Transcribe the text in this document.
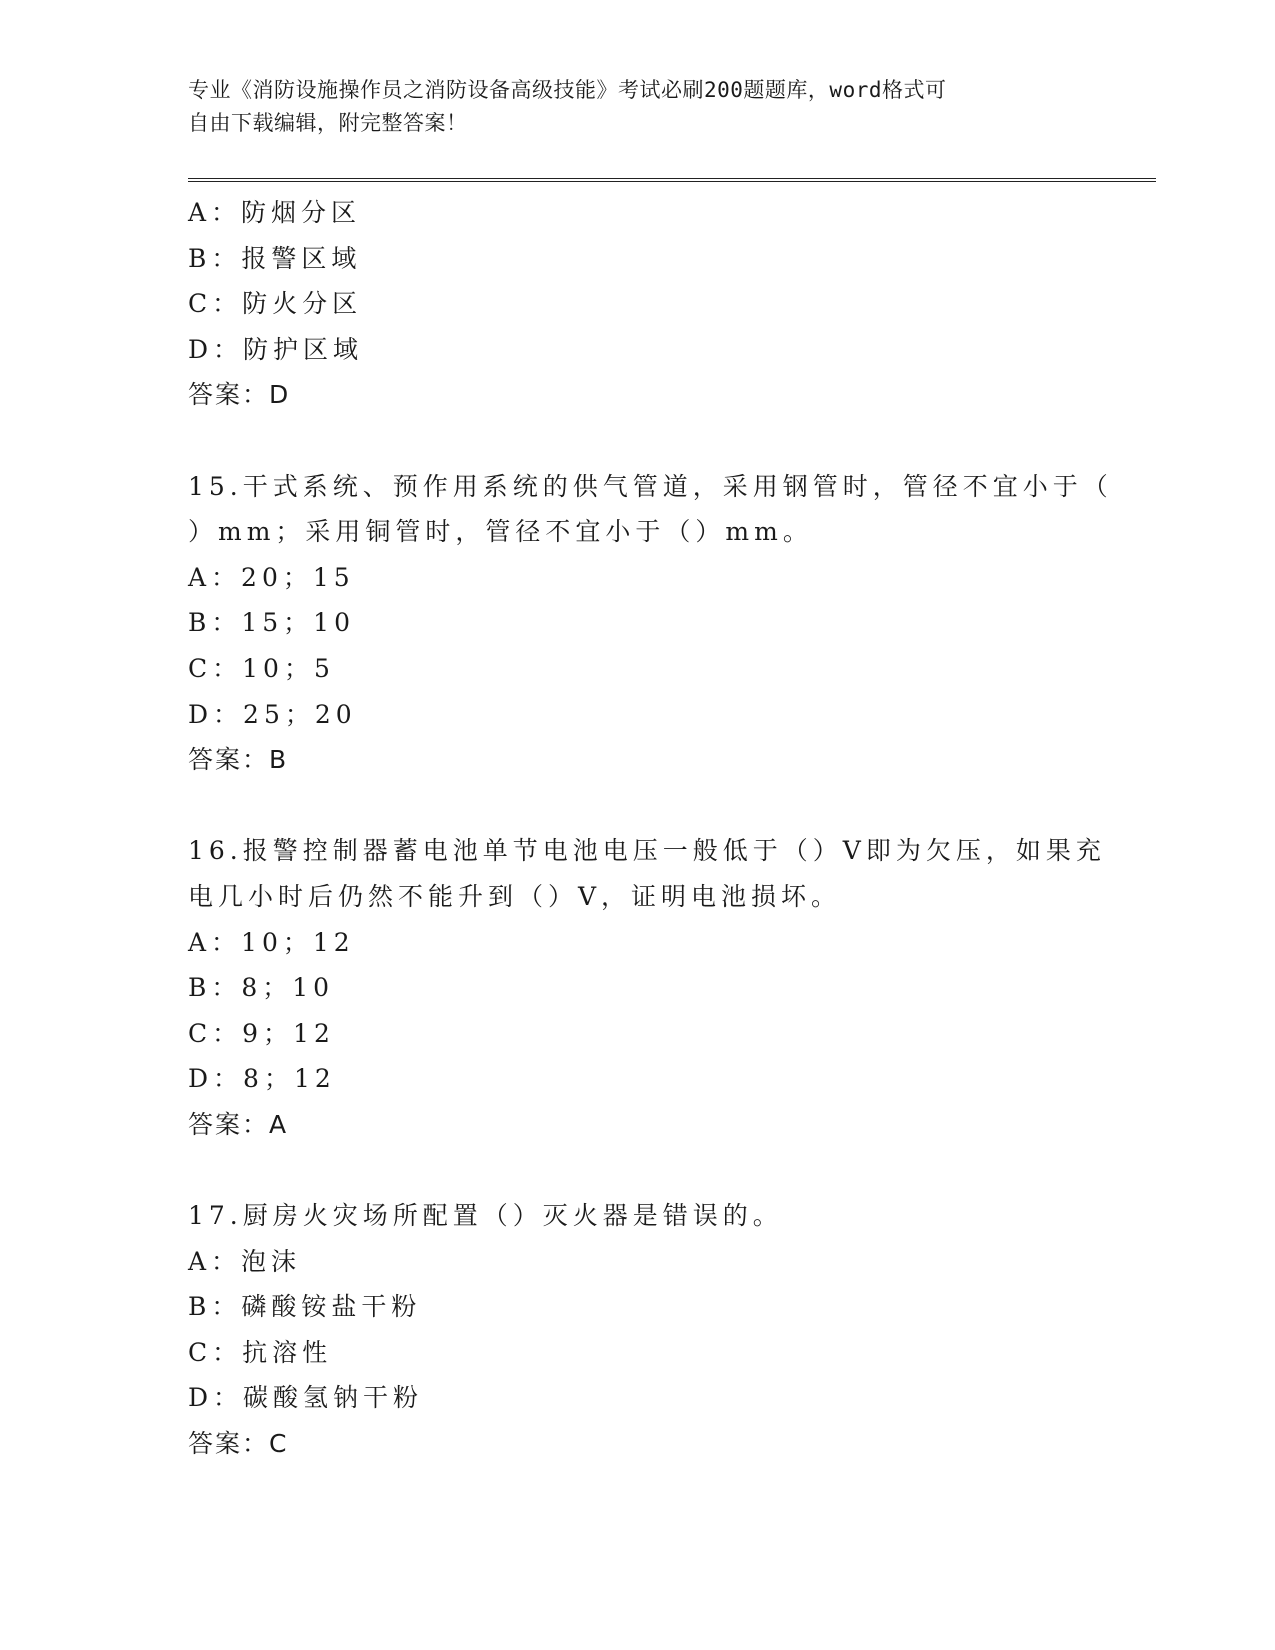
专业《消防设施操作员之消防设备高级技能》考试必刷200题题库，word格式可
自由下载编辑，附完整答案！
A：防烟分区
B：报警区域
C：防火分区
D：防护区域
答案：D
15.干式系统、预作用系统的供气管道，采用钢管时，管径不宜小于（
）mm；采用铜管时，管径不宜小于（）mm。
A：20；15
B：15；10
C：10；5
D：25；20
答案：B
16.报警控制器蓄电池单节电池电压一般低于（）V即为欠压，如果充
电几小时后仍然不能升到（）V，证明电池损坏。
A：10；12
B：8；10
C：9；12
D：8；12
答案：A
17.厨房火灾场所配置（）灭火器是错误的。
A：泡沫
B：磷酸铵盐干粉
C：抗溶性
D：碳酸氢钠干粉
答案：C
